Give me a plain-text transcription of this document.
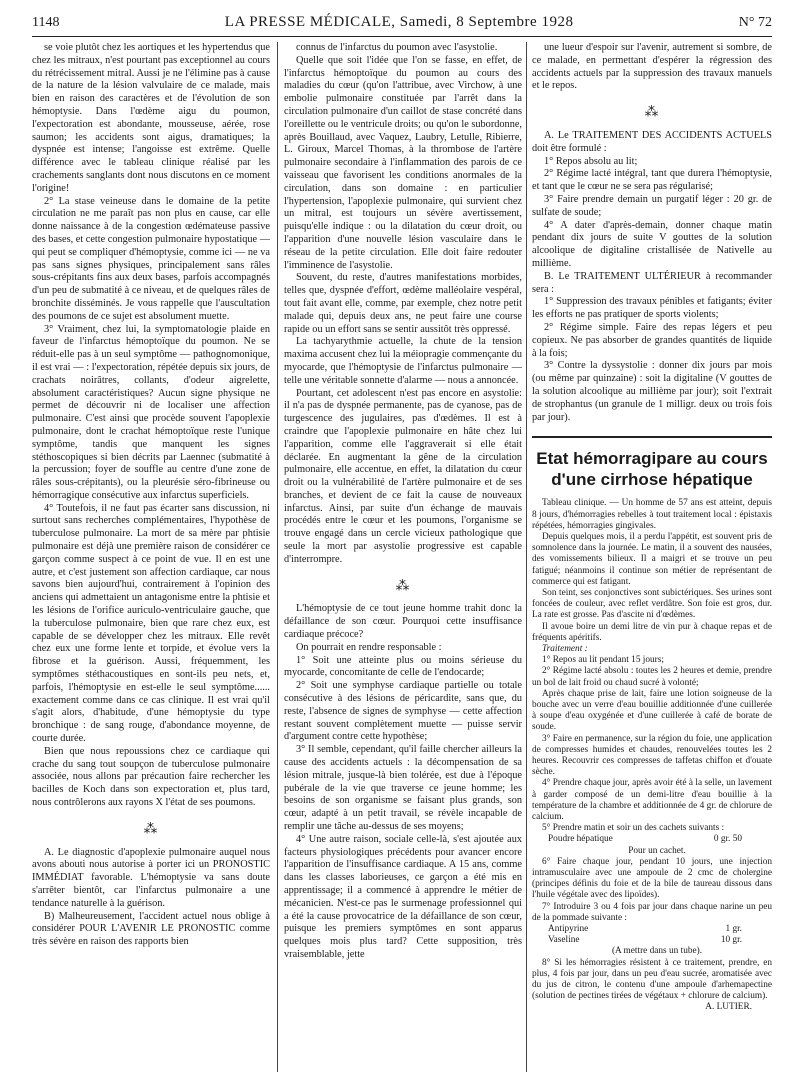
1148	LA PRESSE MÉDICALE, Samedi, 8 Septembre 1928	N° 72

se voie plutôt chez les aortiques et les hypertendus que chez les mitraux, n'est pourtant pas exceptionnel au cours du rétrécissement mitral. Aussi je ne l'élimine pas à cause de la nature de la lésion valvulaire de ce malade, mais bien en raison des caractères et de l'évolution de son hémoptysie. Dans l'œdème aigu du poumon, l'expectoration est abondante, mousseuse, aérée, rose saumon; les accidents sont aigus, dramatiques; la dyspnée est intense; l'angoisse est extrême. Quelle différence avec le tableau clinique réalisé par les crachements sanglants dont nous discutons en ce moment l'origine!

2° La stase veineuse dans le domaine de la petite circulation ne me paraît pas non plus en cause, car elle donne naissance à de la congestion œdémateuse passive des bases, et cette congestion pulmonaire hypostatique — qui peut se compliquer d'hémoptysie, comme ici — ne va pas sans signes physiques, principalement sans râles sous-crépitants fins aux deux bases, parfois accompagnés d'un peu de submatité à ce niveau, et de quelques râles de bronchite disséminés. Je vous rappelle que l'auscultation des poumons de ce sujet est absolument muette.

3° Vraiment, chez lui, la symptomatologie plaide en faveur de l'infarctus hémoptoïque du poumon. Ne se réduit-elle pas à un seul symptôme — pathognomonique, il est vrai — : l'expectoration, répétée depuis six jours, de crachats noirâtres, collants, d'odeur aigrelette, absolument caractéristiques? Aucun signe physique ne permet de découvrir ni de localiser une affection pulmonaire. C'est ainsi que procède souvent l'apoplexie pulmonaire, dont le crachat hémoptoïque reste l'unique symptôme, tandis que manquent les signes stéthoscopiques si bien décrits par Laennec (submatité à la percussion; foyer de souffle au centre d'une zone de râles sous-crépitants), ou la pleurésie séro-fibrineuse ou hémorragique consécutive aux infarctus superficiels.

4° Toutefois, il ne faut pas écarter sans discussion, ni surtout sans recherches complémentaires, l'hypothèse de tuberculose pulmonaire. La mort de sa mère par phtisie pulmonaire est déjà une première raison de considérer ce garçon comme suspect à ce point de vue. Il en est une autre, et c'est justement son affection cardiaque, car nous savons bien aujourd'hui, contrairement à l'opinion des anciens qui admettaient un antagonisme entre la phtisie et les lésions de l'orifice auriculo-ventriculaire gauche, que la tuberculose pulmonaire, bien que rare chez eux, est capable de se développer chez les mitraux. Elle revêt chez eux une forme lente et torpide, et évolue vers la fibrose et la guérison. Aussi, fréquemment, les symptômes stéthacoustiques en sont-ils peu nets, et, parfois, l'hémoptysie en est-elle le seul symptôme...... exactement comme dans ce cas clinique. Il est vrai qu'il s'agit alors, d'habitude, d'une hémoptysie du type bronchique : de sang rouge, d'abondance moyenne, de courte durée.

Bien que nous repoussions chez ce cardiaque qui crache du sang tout soupçon de tuberculose pulmonaire associée, nous allons par précaution faire rechercher les bacilles de Koch dans son expectoration et, plus tard, nous contrôlerons aux rayons X l'état de ses poumons.

⁂

A. Le diagnostic d'apoplexie pulmonaire auquel nous avons abouti nous autorise à porter ici un PRONOSTIC IMMÉDIAT favorable. L'hémoptysie va sans doute s'arrêter bientôt, car l'infarctus pulmonaire a une tendance naturelle à la guérison.

B) Malheureusement, l'accident actuel nous oblige à considérer POUR L'AVENIR LE PRONOSTIC comme très sévère en raison des rapports bien

connus de l'infarctus du poumon avec l'asystolie.

Quelle que soit l'idée que l'on se fasse, en effet, de l'infarctus hémoptoïque du poumon au cours des maladies du cœur (qu'on l'attribue, avec Virchow, à une embolie pulmonaire constituée par l'arrêt dans la circulation pulmonaire d'un caillot de stase concrété dans l'oreillette ou le ventricule droits; ou qu'on le subordonne, après Bouillaud, avec Vaquez, Laubry, Letulle, Ribierre, L. Giroux, Marcel Thomas, à la thrombose de l'artère pulmonaire secondaire à l'inflammation des parois de ce vaisseau que favorisent les conditions anormales de la circulation, dans son domaine : en particulier l'hypertension, l'apoplexie pulmonaire, qui survient chez un mitral, est toujours un sévère avertissement, puisqu'elle indique : ou la dilatation du cœur droit, ou l'apparition d'une nouvelle lésion vasculaire dans le réseau de la petite circulation. Elle doit faire redouter l'imminence de l'asystolie.

Souvent, du reste, d'autres manifestations morbides, telles que, dyspnée d'effort, œdème malléolaire vespéral, tout fait avant elle, comme, par exemple, chez notre petit malade qui, depuis deux ans, ne peut faire une course rapide ou un effort sans se sentir aussitôt très oppressé.

La tachyarythmie actuelle, la chute de la tension maxima accusent chez lui la méiopragie commençante du myocarde, que l'hémoptysie de l'infarctus pulmonaire — telle une véritable sonnette d'alarme — nous a annoncée.

Pourtant, cet adolescent n'est pas encore en asystolie: il n'a pas de dyspnée permanente, pas de cyanose, pas de turgescence des jugulaires, pas d'œdèmes. Il est à craindre que l'apoplexie pulmonaire en hâte chez lui l'apparition, comme elle l'aggraverait si elle était déclarée. En augmentant la gêne de la circulation pulmonaire, elle accentue, en effet, la dilatation du cœur droit ou la vulnérabilité de l'artère pulmonaire et de ses branches, et devient de ce fait la cause de nouveaux infarctus. Ainsi, par suite d'un échange de mauvais procédés entre le cœur et les poumons, l'organisme se trouve engagé dans un cercle vicieux pathologique que seule la mort par asystolie progressive est capable d'interrompre.

⁂

L'hémoptysie de ce tout jeune homme trahit donc la défaillance de son cœur. Pourquoi cette insuffisance cardiaque précoce?

On pourrait en rendre responsable :

1° Soit une atteinte plus ou moins sérieuse du myocarde, concomitante de celle de l'endocarde;

2° Soit une symphyse cardiaque partielle ou totale consécutive à des lésions de péricardite, sans que, du reste, l'absence de signes de symphyse — cette affection restant souvent complètement muette — puisse servir d'argument contre cette hypothèse;

3° Il semble, cependant, qu'il faille chercher ailleurs la cause des accidents actuels : la décompensation de sa lésion mitrale, jusque-là bien tolérée, est due à l'époque pubérale de la vie que traverse ce jeune homme; les besoins de son organisme se faisant plus grands, son cœur, adapté à un petit travail, se révèle incapable de remplir une tâche au-dessus de ses moyens;

4° Une autre raison, sociale celle-là, s'est ajoutée aux facteurs physiologiques précédents pour avancer encore l'apparition de l'insuffisance cardiaque. A 15 ans, comme dans les classes laborieuses, ce garçon a été mis en apprentissage; il a commencé à apprendre le métier de mécanicien. N'est-ce pas le surmenage professionnel qui a été la cause provocatrice de la défaillance de son cœur, puisque les premiers symptômes en sont apparus quelques mois plus tard? Cette supposition, très vraisemblable, jette

une lueur d'espoir sur l'avenir, autrement si sombre, de ce malade, en permettant d'espérer la régression des accidents actuels par la suppression des travaux manuels et le repos.

⁂

A. Le TRAITEMENT DES ACCIDENTS ACTUELS doit être formulé :

1° Repos absolu au lit;

2° Régime lacté intégral, tant que durera l'hémoptysie, et tant que le cœur ne se sera pas régularisé;

3° Faire prendre demain un purgatif léger : 20 gr. de sulfate de soude;

4° A dater d'après-demain, donner chaque matin pendant dix jours de suite V gouttes de la solution alcoolique de digitaline cristallisée de Nativelle au millième.

B. Le TRAITEMENT ULTÉRIEUR à recommander sera :

1° Suppression des travaux pénibles et fatigants; éviter les efforts ne pas pratiquer de sports violents;

2° Régime simple. Faire des repas légers et peu copieux. Ne pas absorber de grandes quantités de liquide à la fois;

3° Contre la dyssystolie : donner dix jours par mois (ou même par quinzaine) : soit la digitaline (V gouttes de la solution alcoolique au millième par jour); soit l'extrait de strophantus (un granule de 1 milligr. deux ou trois fois par jour).

Etat hémorragipare au cours d'une cirrhose hépatique

Tableau clinique. — Un homme de 57 ans est atteint, depuis 8 jours, d'hémorragies rebelles à tout traitement local : épistaxis répétées, hémorragies gingivales.

Depuis quelques mois, il a perdu l'appétit, est souvent pris de somnolence dans la journée. Le matin, il a souvent des nausées, des vomissements bilieux. Il a maigri et se trouve un peu fatigué; néanmoins il continue son métier de représentant de commerce qui est fatigant.

Son teint, ses conjonctives sont subictériques. Ses urines sont foncées de couleur, avec reflet verdâtre. Son foie est gros, dur. La rate est grosse. Pas d'ascite ni d'œdèmes.

Il avoue boire un demi litre de vin pur à chaque repas et de fréquents apéritifs.

Traitement :

1° Repos au lit pendant 15 jours;

2° Régime lacté absolu : toutes les 2 heures et demie, prendre un bol de lait froid ou chaud sucré à volonté;

Après chaque prise de lait, faire une lotion soigneuse de la bouche avec un verre d'eau bouillie additionnée d'une cuillerée à soupe d'eau oxygénée et d'une cuillerée à café de borate de soude.

3° Faire en permanence, sur la région du foie, une application de compresses humides et chaudes, renouvelées toutes les 2 heures. Recouvrir ces compresses de taffetas chiffon et d'ouate sèche.

4° Prendre chaque jour, après avoir été à la selle, un lavement à garder composé de un demi-litre d'eau bouillie à la température de la chambre et additionnée de 4 gr. de chlorure de calcium.

5° Prendre matin et soir un des cachets suivants :

Poudre hépatique	0 gr. 50

Pour un cachet.

6° Faire chaque jour, pendant 10 jours, une injection intramusculaire avec une ampoule de 2 cmc de cholergine (principes définis du foie et de la bile de taureau dissous dans l'huile végétale avec des lipoïdes).

7° Introduire 3 ou 4 fois par jour dans chaque narine un peu de la pommade suivante :

Antipyrine	1 gr.
Vaseline	10 gr.

(A mettre dans un tube).

8° Si les hémorragies résistent à ce traitement, prendre, en plus, 4 fois par jour, dans un peu d'eau sucrée, aromatisée avec du jus de citron, le contenu d'une ampoule d'arhemapectine (solution de pectines tirées de végétaux + chlorure de calcium).

A. LUTIER.
